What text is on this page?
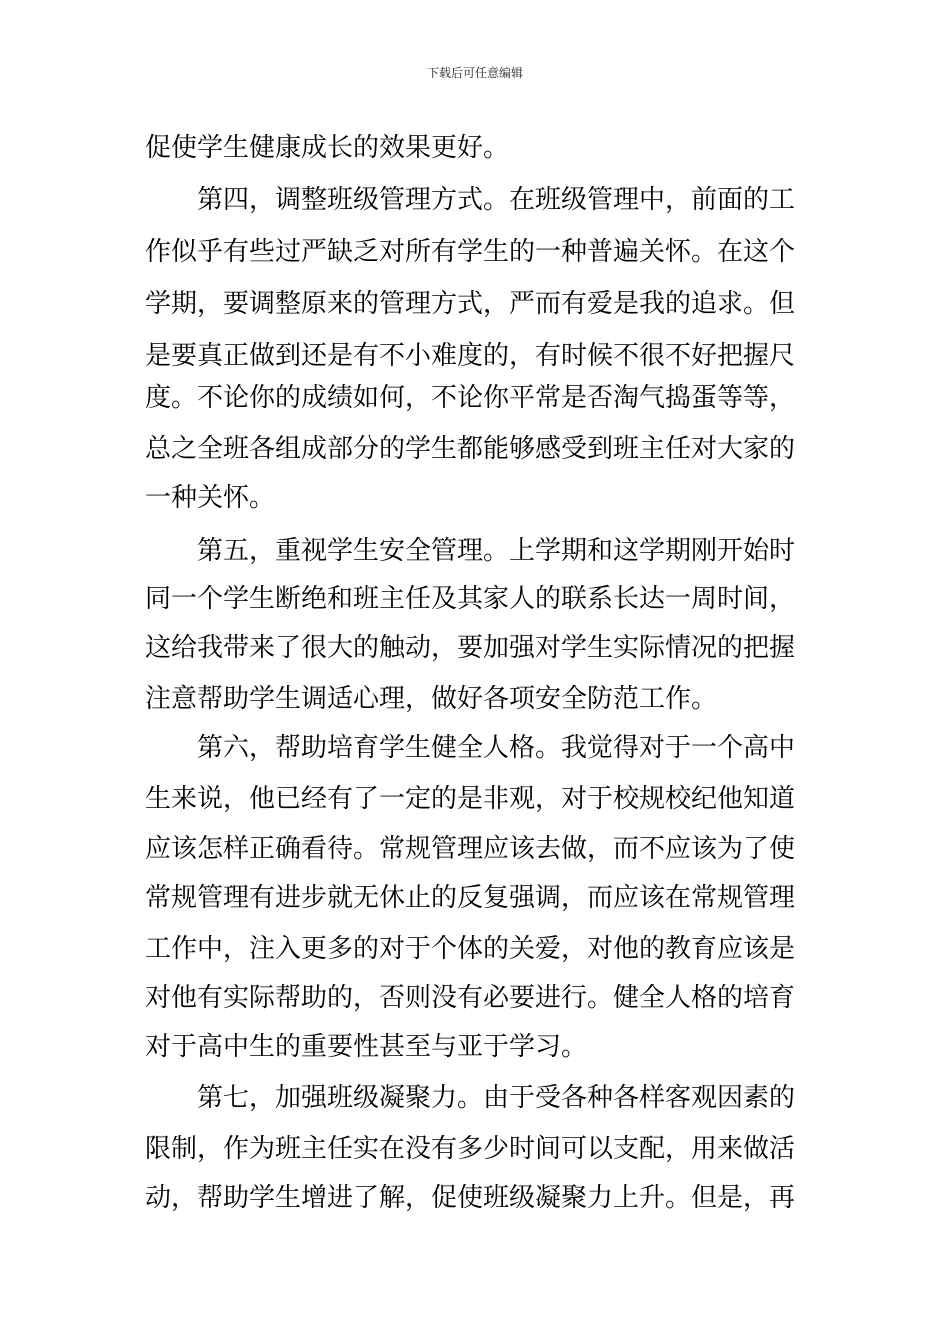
下载后可任意编辑
促使学生健康成长的效果更好。
　　第四，调整班级管理方式。在班级管理中，前面的工
作似乎有些过严缺乏对所有学生的一种普遍关怀。在这个
学期，要调整原来的管理方式，严而有爱是我的追求。但
是要真正做到还是有不小难度的，有时候不很不好把握尺
度。不论你的成绩如何，不论你平常是否淘气捣蛋等等，
总之全班各组成部分的学生都能够感受到班主任对大家的
一种关怀。
　　第五，重视学生安全管理。上学期和这学期刚开始时
同一个学生断绝和班主任及其家人的联系长达一周时间，
这给我带来了很大的触动，要加强对学生实际情况的把握
注意帮助学生调适心理，做好各项安全防范工作。
　　第六，帮助培育学生健全人格。我觉得对于一个高中
生来说，他已经有了一定的是非观，对于校规校纪他知道
应该怎样正确看待。常规管理应该去做，而不应该为了使
常规管理有进步就无休止的反复强调，而应该在常规管理
工作中，注入更多的对于个体的关爱，对他的教育应该是
对他有实际帮助的，否则没有必要进行。健全人格的培育
对于高中生的重要性甚至与亚于学习。
　　第七，加强班级凝聚力。由于受各种各样客观因素的
限制，作为班主任实在没有多少时间可以支配，用来做活
动，帮助学生增进了解，促使班级凝聚力上升。但是，再
